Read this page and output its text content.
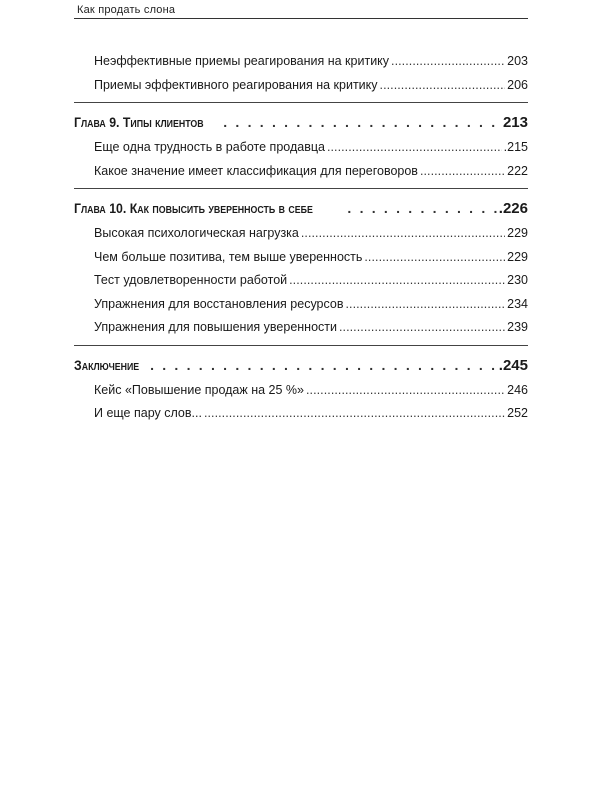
Как продать слона
Неэффективные приемы реагирования на критику . . .	203
Приемы эффективного реагирования на критику . . .	206
Глава 9. Типы клиентов . . .	213
Еще одна трудность в работе продавца . . .	.215
Какое значение имеет классификация для переговоров . . .	222
Глава 10. Как повысить уверенность в себе . . .	.226
Высокая психологическая нагрузка . . .	229
Чем больше позитива, тем выше уверенность . . .	229
Тест удовлетворенности работой . . .	230
Упражнения для восстановления ресурсов . . .	234
Упражнения для повышения уверенности . . .	239
Заключение . . .	.245
Кейс «Повышение продаж на 25 %» . . .	246
И еще пару слов... . . .	252
